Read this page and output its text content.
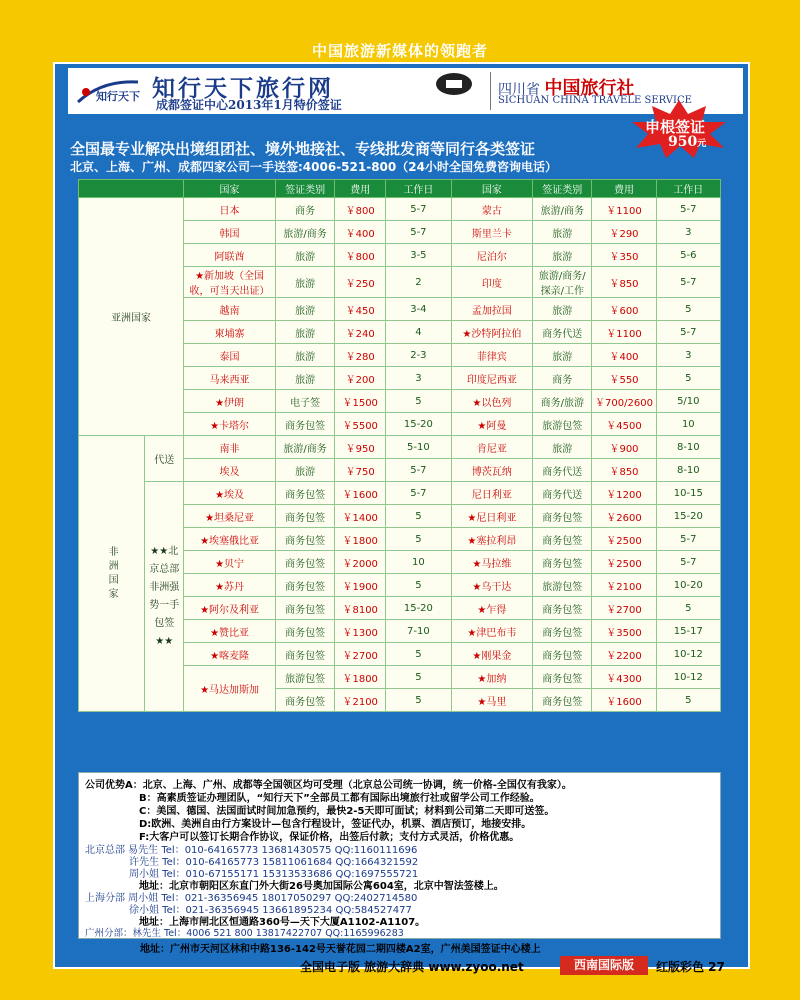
中国旅游新媒体的领跑者
知行天下 知行天下旅行网
成都签证中心2013年1月特价签证
四川省 中国旅行社
SICHUAN CHINA TRAVELE SERVICE
申根签证
950元
全国最专业解决出境组团社、境外地接社、专线批发商等同行各类签证
北京、上海、广州、成都四家公司一手送签:4006-521-800（24小时全国免费咨询电话）
		国家	签证类别	费用	工作日	国家	签证类别	费用	工作日
亚洲国家		日本	商务	￥800	5-7	蒙古	旅游/商务	￥1100	5-7
		韩国	旅游/商务	￥400	5-7	斯里兰卡	旅游	￥290	3
		阿联酋	旅游	￥800	3-5	尼泊尔	旅游	￥350	5-6
		★新加坡（全国收，可当天出证）	旅游	￥250	2	印度	旅游/商务/探亲/工作	￥850	5-7
		越南	旅游	￥450	3-4	孟加拉国	旅游	￥600	5
		柬埔寨	旅游	￥240	4	★沙特阿拉伯	商务代送	￥1100	5-7
		泰国	旅游	￥280	2-3	菲律宾	旅游	￥400	3
		马来西亚	旅游	￥200	3	印度尼西亚	商务	￥550	5
		★伊朗	电子签	￥1500	5	★以色列	商务/旅游	￥700/2600	5/10
		★卡塔尔	商务包签	￥5500	15-20	★阿曼	旅游包签	￥4500	10
非洲国家	代送	南非	旅游/商务	￥950	5-10	肯尼亚	旅游	￥900	8-10
		埃及	旅游	￥750	5-7	博茨瓦纳	商务代送	￥850	8-10
	★★北京总部 非洲强势一手包签★★	★埃及	商务包签	￥1600	5-7	尼日利亚	商务代送	￥1200	10-15
		★坦桑尼亚	商务包签	￥1400	5	★尼日利亚	商务包签	￥2600	15-20
		★埃塞俄比亚	商务包签	￥1800	5	★塞拉利昂	商务包签	￥2500	5-7
		★贝宁	商务包签	￥2000	10	★马拉维	商务包签	￥2500	5-7
		★苏丹	商务包签	￥1900	5	★乌干达	旅游包签	￥2100	10-20
		★阿尔及利亚	商务包签	￥8100	15-20	★乍得	商务包签	￥2700	5
		★赞比亚	商务包签	￥1300	7-10	★津巴布韦	商务包签	￥3500	15-17
		★喀麦隆	商务包签	￥2700	5	★刚果金	商务包签	￥2200	10-12
		★马达加斯加	旅游包签	￥1800	5	★加纳	商务包签	￥4300	10-12

			商务包签	￥2100	5	★马里	商务包签	￥1600	5

公司优势A：北京、上海、广州、成都等全国领区均可受理（北京总公司统一协调，统一价格-全国仅有我家）。
B：高素质签证办理团队，“知行天下”全部员工都有国际出境旅行社或留学公司工作经验。
C：美国、德国、法国面试时间加急预约，最快2-5天即可面试；材料到公司第二天即可送签。
D:欧洲、美洲自由行方案设计—包含行程设计，签证代办，机票、酒店预订，地接安排。
F:大客户可以签订长期合作协议，保证价格，出签后付款；支付方式灵活，价格优惠。
北京总部 易先生 Tel：010-64165773 13681430575 QQ:1160111696
许先生 Tel：010-64165773 15811061684 QQ:1664321592
周小姐 Tel：010-67155171 15313533686 QQ:1697555721
地址：北京市朝阳区东直门外大街26号奥加国际公寓604室，北京中智法签楼上。
上海分部 周小姐 Tel：021-36356945 18017050297 QQ:2402714580
徐小姐 Tel：021-36356945 13661895234 QQ:584527477
地址：上海市闸北区恒通路360号—天下大厦A1102-A1107。
广州分部：林先生 Tel：4006 521 800 13817422707 QQ:1165996283
地址：广州市天河区林和中路136-142号天誉花园二期四楼A2室，广州美国签证中心楼上
全国电子版 旅游大辞典 www.zyoo.net	西南国际版	红版彩色 27
